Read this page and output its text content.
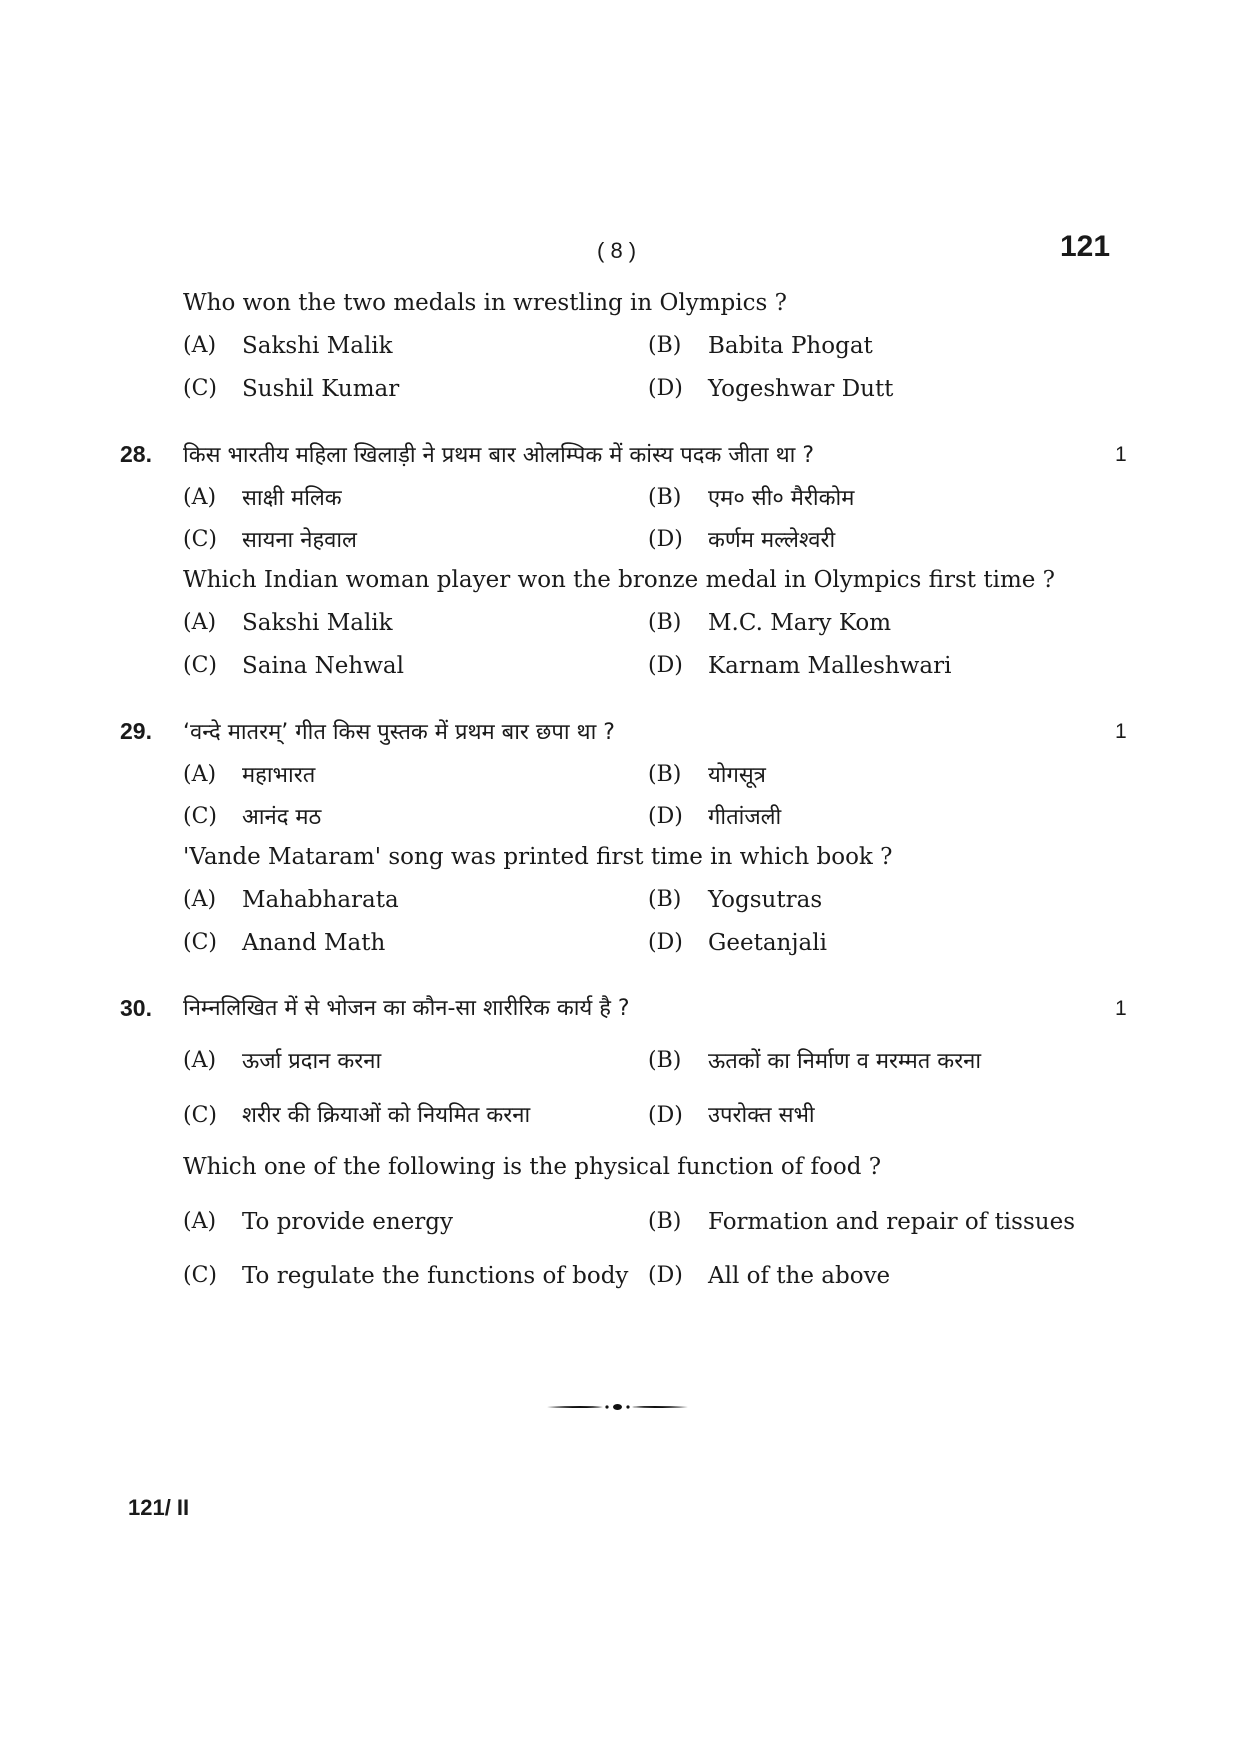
( 8 )	121
Who won the two medals in wrestling in Olympics ?
(A) Sakshi Malik	(B) Babita Phogat
(C) Sushil Kumar	(D) Yogeshwar Dutt
28. किस भारतीय महिला खिलाड़ी ने प्रथम बार ओलम्पिक में कांस्य पदक जीता था ?	1
(A) साक्षी मलिक	(B) एम० सी० मैरीकोम
(C) सायना नेहवाल	(D) कर्णम मल्लेश्वरी
Which Indian woman player won the bronze medal in Olympics first time ?
(A) Sakshi Malik	(B) M.C. Mary Kom
(C) Saina Nehwal	(D) Karnam Malleshwari
29. ‘वन्दे मातरम्’ गीत किस पुस्तक में प्रथम बार छपा था ?	1
(A) महाभारत	(B) योगसूत्र
(C) आनंद मठ	(D) गीतांजली
'Vande Mataram' song was printed first time in which book ?
(A) Mahabharata	(B) Yogsutras
(C) Anand Math	(D) Geetanjali
30. निम्नलिखित में से भोजन का कौन-सा शारीरिक कार्य है ?	1
(A) ऊर्जा प्रदान करना	(B) ऊतकों का निर्माण व मरम्मत करना
(C) शरीर की क्रियाओं को नियमित करना	(D) उपरोक्त सभी
Which one of the following is the physical function of food ?
(A) To provide energy	(B) Formation and repair of tissues
(C) To regulate the functions of body (D) All of the above
121/ II
